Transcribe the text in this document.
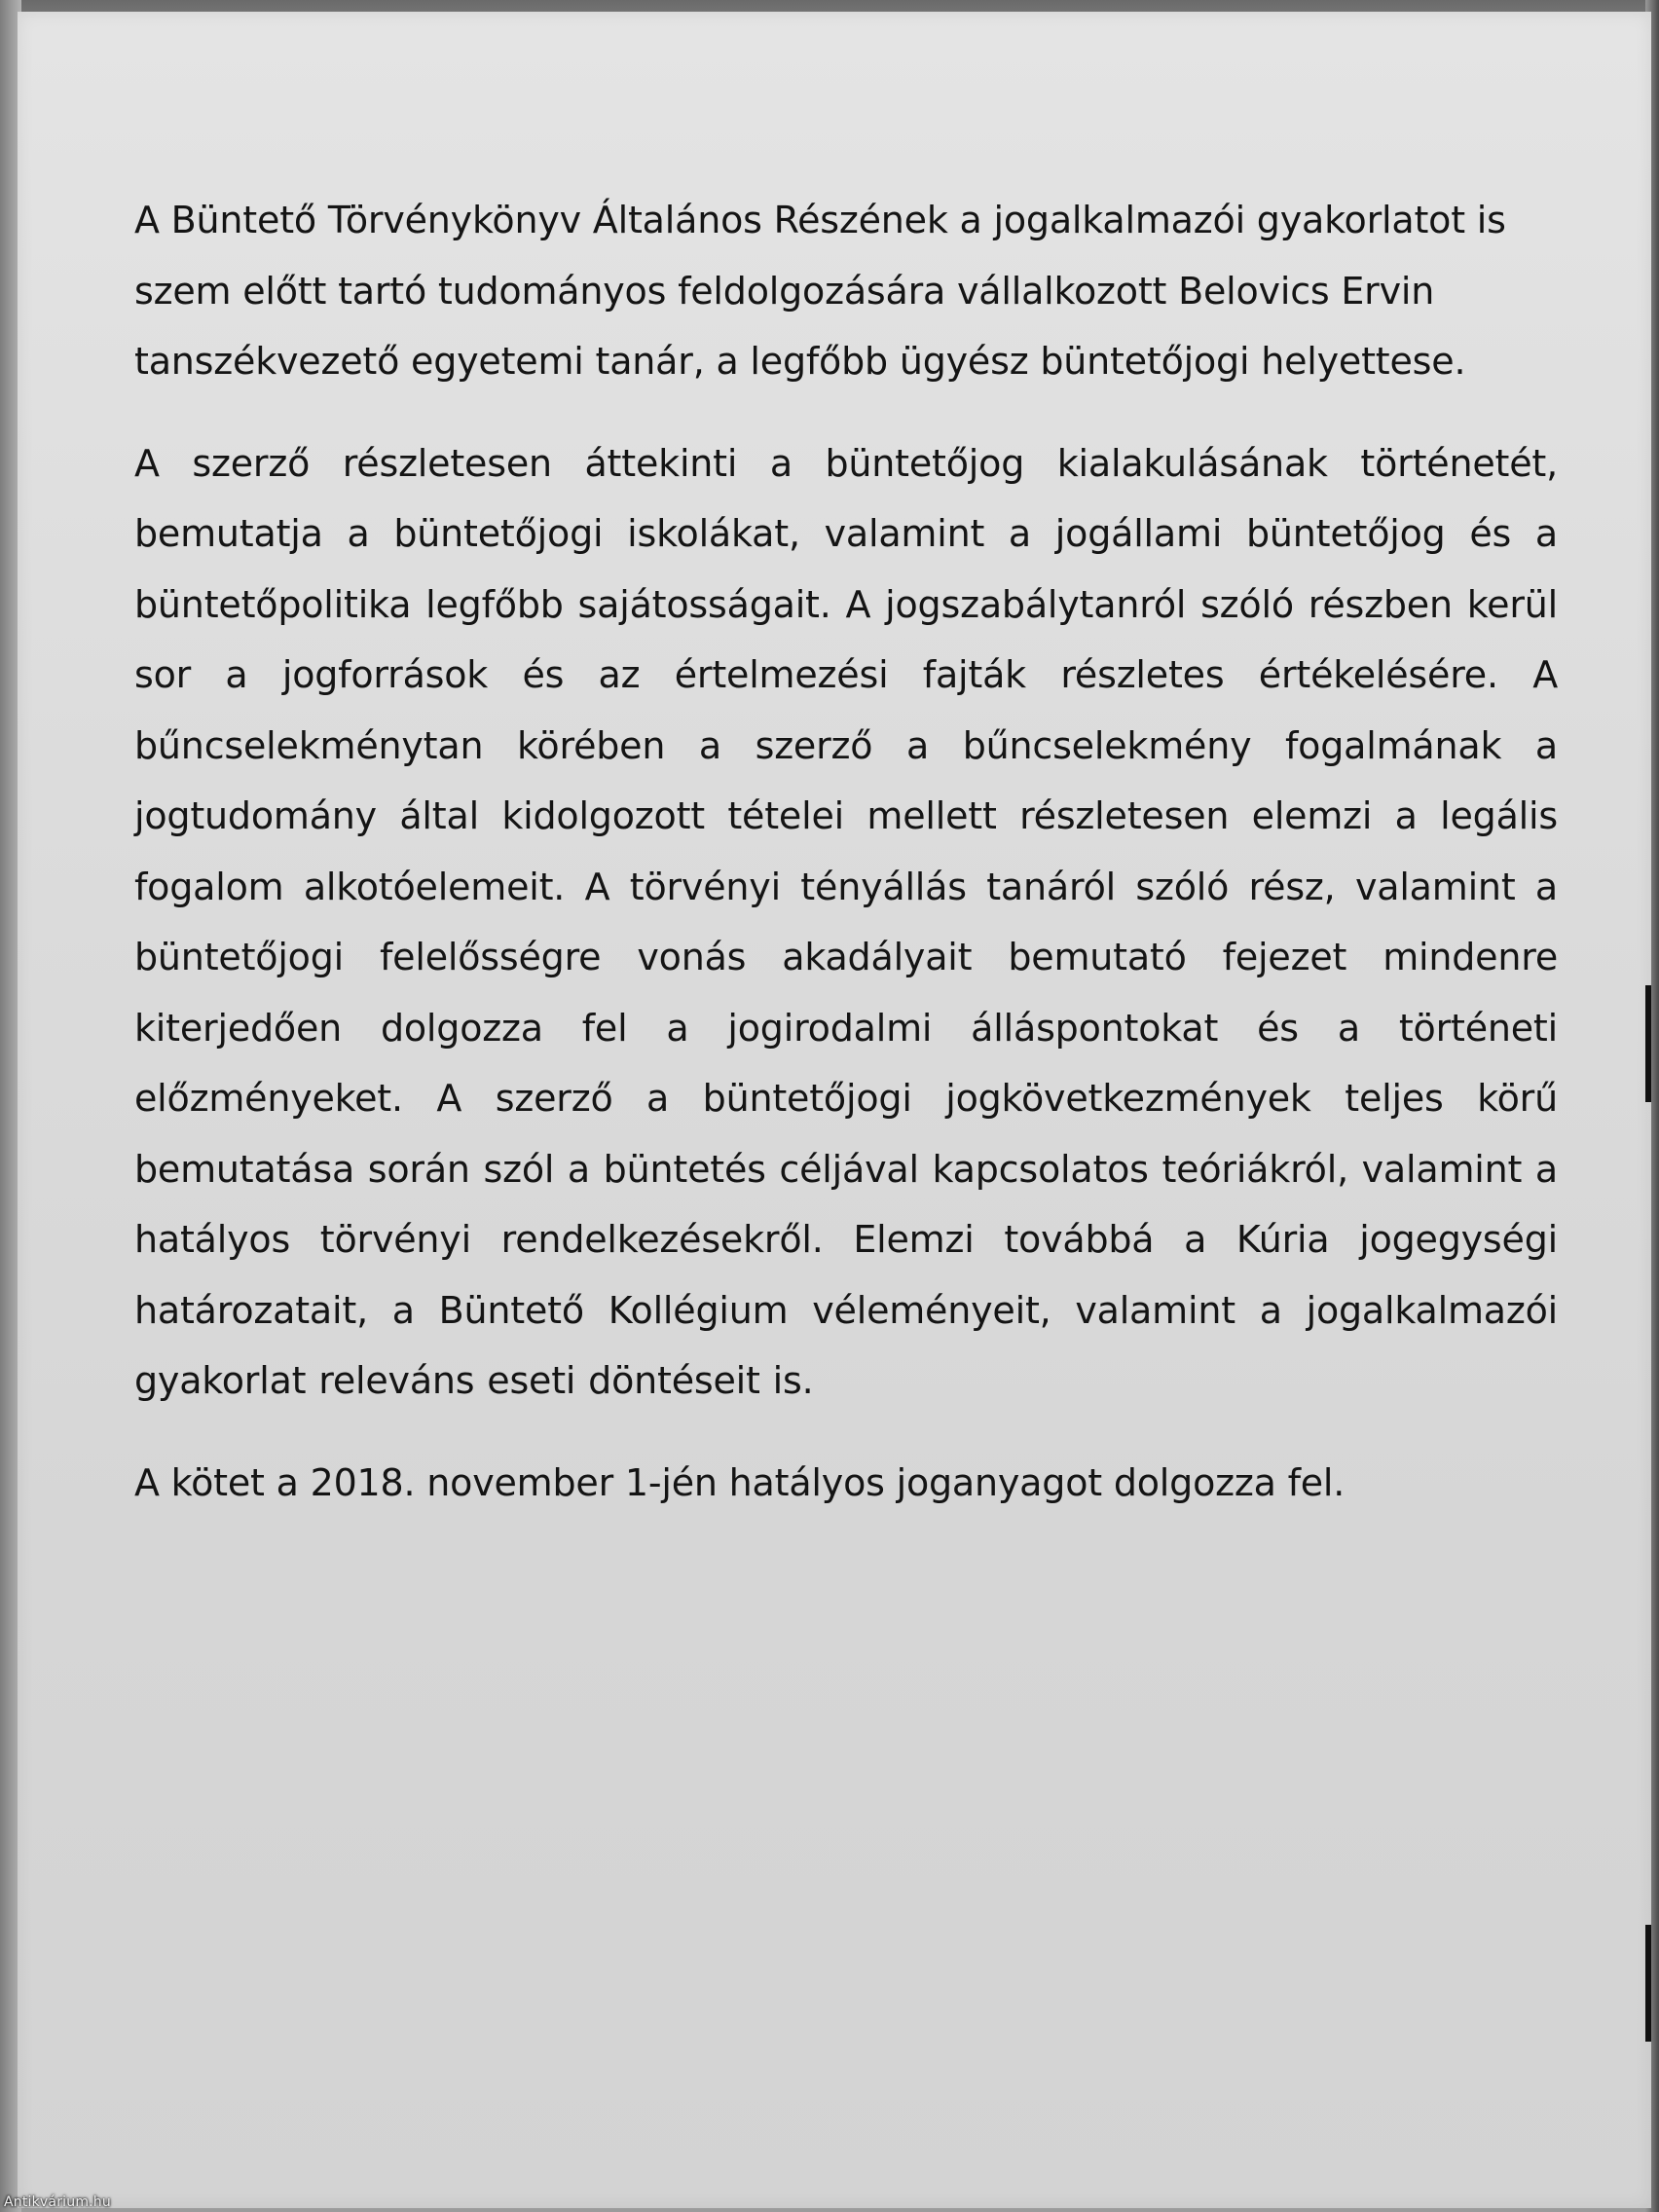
A Büntető Törvénykönyv Általános Részének a jogalkalmazói gyakorlatot is szem előtt tartó tudományos feldolgozására vállalkozott Belovics Ervin tanszékvezető egyetemi tanár, a legfőbb ügyész büntetőjogi helyettese.

A szerző részletesen áttekinti a büntetőjog kialakulásának történetét, bemutatja a büntetőjogi iskolákat, valamint a jogállami büntetőjog és a büntetőpolitika legfőbb sajátosságait. A jogszabálytanról szóló részben kerül sor a jogforrások és az értelmezési fajták részletes értékelésére. A bűncselekménytan körében a szerző a bűncselekmény fogalmának a jogtudomány által kidolgozott tételei mellett részletesen elemzi a legális fogalom alkotóelemeit. A törvényi tényállás tanáról szóló rész, valamint a büntetőjogi felelősségre vonás akadályait bemutató fejezet mindenre kiterjedően dolgozza fel a jogirodalmi álláspontokat és a történeti előzményeket. A szerző a büntetőjogi jogkövetkezmények teljes körű bemutatása során szól a büntetés céljával kapcsolatos teóriákról, valamint a hatályos törvényi rendelkezésekről. Elemzi továbbá a Kúria jogegységi határozatait, a Büntető Kollégium véleményeit, valamint a jogalkalmazói gyakorlat releváns eseti döntéseit is.

A kötet a 2018. november 1-jén hatályos joganyagot dolgozza fel.

Antikvárium.hu
